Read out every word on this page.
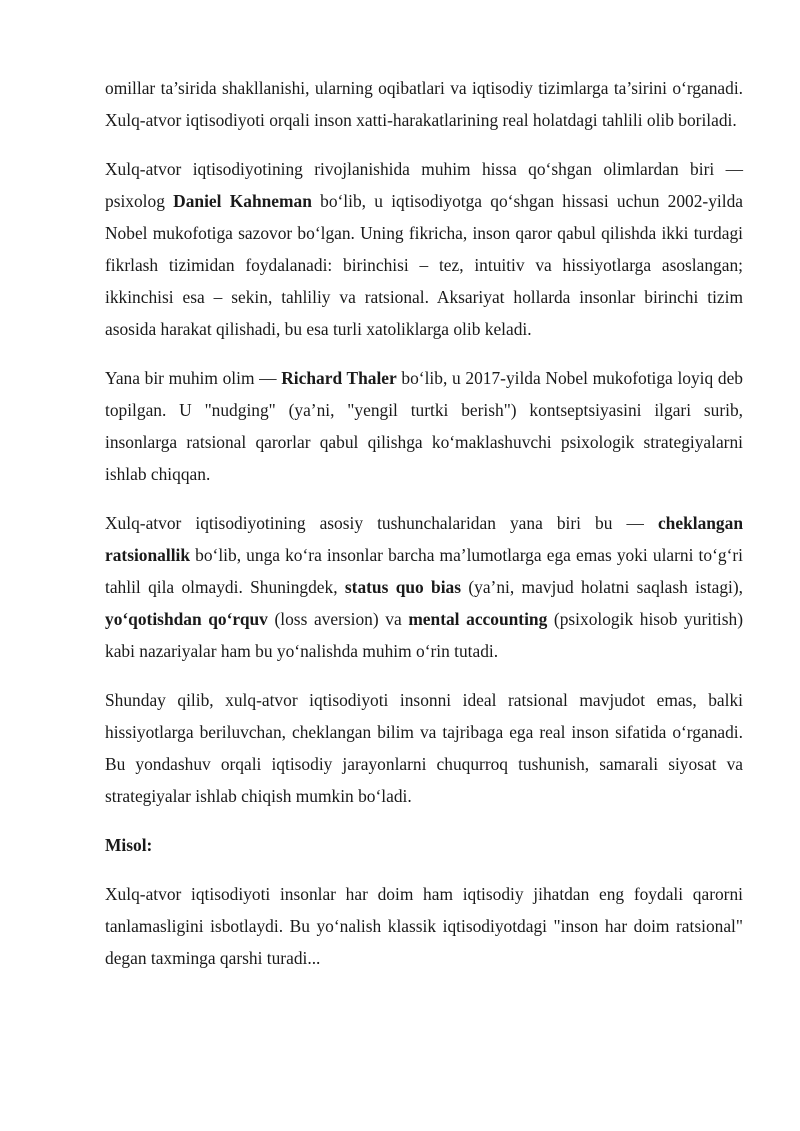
omillar ta’sirida shakllanishi, ularning oqibatlari va iqtisodiy tizimlarga ta’sirini o‘rganadi. Xulq-atvor iqtisodiyoti orqali inson xatti-harakatlarining real holatdagi tahlili olib boriladi.

Xulq-atvor iqtisodiyotining rivojlanishida muhim hissa qo‘shgan olimlardan biri — psixolog Daniel Kahneman bo‘lib, u iqtisodiyotga qo‘shgan hissasi uchun 2002-yilda Nobel mukofotiga sazovor bo‘lgan. Uning fikricha, inson qaror qabul qilishda ikki turdagi fikrlash tizimidan foydalanadi: birinchisi – tez, intuitiv va hissiyotlarga asoslangan; ikkinchisi esa – sekin, tahliliy va ratsional. Aksariyat hollarda insonlar birinchi tizim asosida harakat qilishadi, bu esa turli xatoliklarga olib keladi.

Yana bir muhim olim — Richard Thaler bo‘lib, u 2017-yilda Nobel mukofotiga loyiq deb topilgan. U "nudging" (ya’ni, "yengil turtki berish") kontseptsiyasini ilgari surib, insonlarga ratsional qarorlar qabul qilishga ko‘maklashuvchi psixologik strategiyalarni ishlab chiqqan.

Xulq-atvor iqtisodiyotining asosiy tushunchalaridan yana biri bu — cheklangan ratsionallik bo‘lib, unga ko‘ra insonlar barcha ma’lumotlarga ega emas yoki ularni to‘g‘ri tahlil qila olmaydi. Shuningdek, status quo bias (ya’ni, mavjud holatni saqlash istagi), yo‘qotishdan qo‘rquv (loss aversion) va mental accounting (psixologik hisob yuritish) kabi nazariyalar ham bu yo‘nalishda muhim o‘rin tutadi.

Shunday qilib, xulq-atvor iqtisodiyoti insonni ideal ratsional mavjudot emas, balki hissiyotlarga beriluvchan, cheklangan bilim va tajribaga ega real inson sifatida o‘rganadi. Bu yondashuv orqali iqtisodiy jarayonlarni chuqurroq tushunish, samarali siyosat va strategiyalar ishlab chiqish mumkin bo‘ladi.

Misol:

Xulq-atvor iqtisodiyoti insonlar har doim ham iqtisodiy jihatdan eng foydali qarorni tanlamasligini isbotlaydi. Bu yo‘nalish klassik iqtisodiyotdagi "inson har doim ratsional" degan taxminga qarshi turadi...
